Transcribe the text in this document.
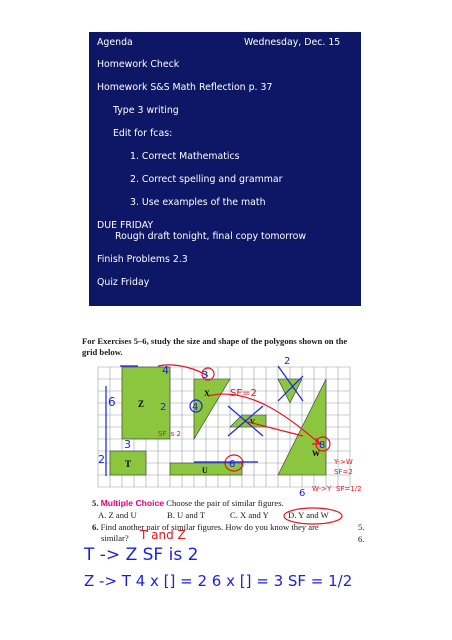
Agenda	Wednesday, Dec. 15
Homework Check
Homework S&S Math Reflection p. 37
Type 3 writing
Edit for fcas:
1. Correct Mathematics
2. Correct spelling and grammar
3. Use examples of the math
DUE FRIDAY
Rough draft tonight, final copy tomorrow
Finish Problems 2.3
Quiz Friday
For Exercises 5–6, study the size and shape of the polygons shown on the
grid below.
Z
U
T
X
W
V
4	3
2	4
6
2
3
6
2
8
6
SF=2
SF is 2
Y->W
SF=2
W->Y SF=1/2
5. Multiple Choice Choose the pair of similar figures.
A. Z and U	B. U and T	C. X and Y D. Y and W
6. Find another pair of similar figures. How do you know they are
similar?
5.
6.
T and Z
T -> Z SF is 2
Z -> T 4 x [] = 2 6 x [] = 3 SF = 1/2
